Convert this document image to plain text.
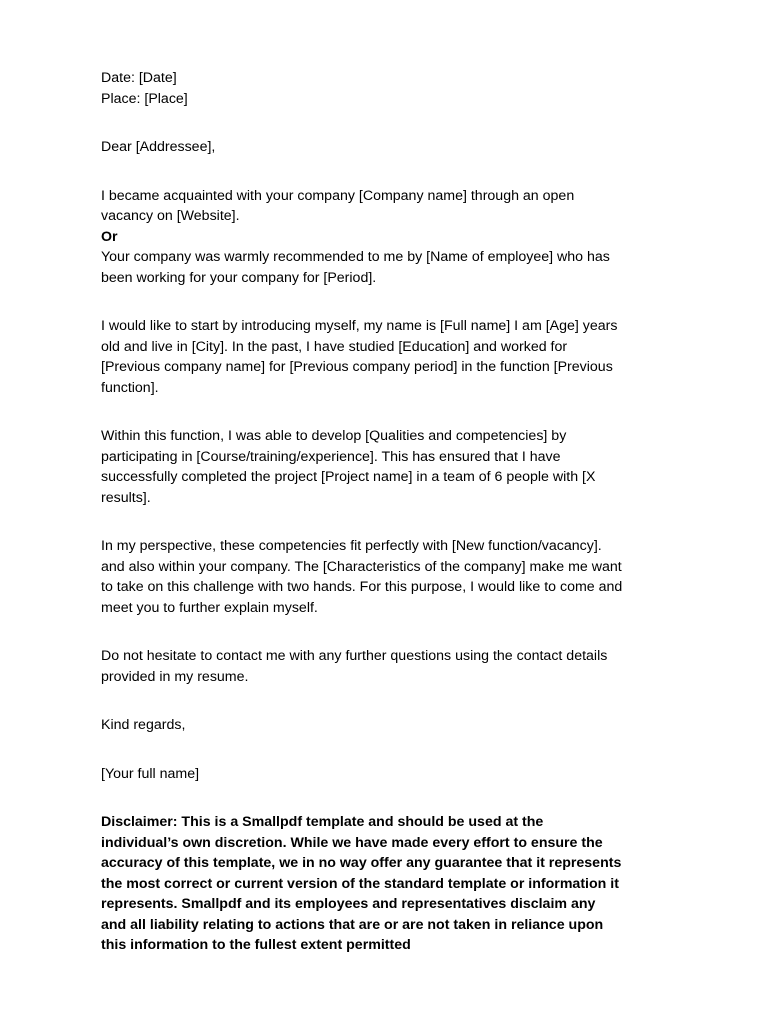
Date: [Date]
Place: [Place]
Dear [Addressee],
I became acquainted with your company [Company name] through an open
vacancy on [Website].
Or
Your company was warmly recommended to me by [Name of employee] who has
been working for your company for [Period].
I would like to start by introducing myself, my name is [Full name] I am [Age] years
old and live in [City]. In the past, I have studied [Education] and worked for
[Previous company name] for [Previous company period] in the function [Previous
function].
Within this function, I was able to develop [Qualities and competencies] by
participating in [Course/training/experience]. This has ensured that I have
successfully completed the project [Project name] in a team of 6 people with [X
results].
In my perspective, these competencies fit perfectly with [New function/vacancy].
and also within your company. The [Characteristics of the company] make me want
to take on this challenge with two hands. For this purpose, I would like to come and
meet you to further explain myself.
Do not hesitate to contact me with any further questions using the contact details
provided in my resume.
Kind regards,
[Your full name]
Disclaimer: This is a Smallpdf template and should be used at the
individual’s own discretion. While we have made every effort to ensure the
accuracy of this template, we in no way offer any guarantee that it represents
the most correct or current version of the standard template or information it
represents. Smallpdf and its employees and representatives disclaim any
and all liability relating to actions that are or are not taken in reliance upon
this information to the fullest extent permitted
